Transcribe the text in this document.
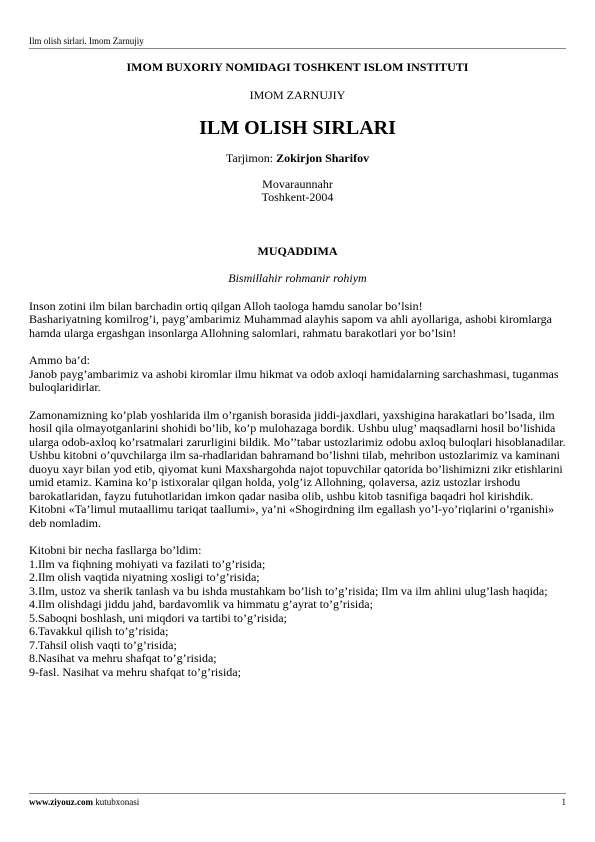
Ilm olish sirlari. Imom Zarnujiy
IMOM BUXORIY NOMIDAGI TOSHKENT ISLOM INSTITUTI
IMOM ZARNUJIY
ILM OLISH SIRLARI
Tarjimon: Zokirjon Sharifov
Movaraunnahr
Toshkent-2004
MUQADDIMA
Bismillahir rohmanir rohiym

Inson zotini ilm bilan barchadin ortiq qilgan Alloh taologa hamdu sanolar bo’lsin!

Bashariyatning komilrog’i, payg’ambarimiz Muhammad alayhis sapom va ahli ayollariga, ashobi kiromlarga hamda ularga ergashgan insonlarga Allohning salomlari, rahmatu barakotlari yor bo’lsin!

Ammo ba’d:

Janob payg’ambarimiz va ashobi kiromlar ilmu hikmat va odob axloqi hamidalarning sarchashmasi, tuganmas buloqlaridirlar.

Zamonamizning ko’plab yoshlarida ilm o’rganish borasida jiddi-jaxdlari, yaxshigina harakatlari bo’lsada, ilm hosil qila olmayotganlarini shohidi bo’lib, ko’p mulohazaga bordik. Ushbu ulug’ maqsadlarni hosil bo’lishida ularga odob-axloq ko’rsatmalari zarurligini bildik. Mo’’tabar ustozlarimiz odobu axloq buloqlari hisoblanadilar. Ushbu kitobni o’quvchilarga ilm sa-rhadlaridan bahramand bo’lishni tilab, mehribon ustozlarimiz va kaminani duoyu xayr bilan yod etib, qiyomat kuni Maxshargohda najot topuvchilar qatorida bo’lishimizni zikr etishlarini umid etamiz. Kamina ko’p istixoralar qilgan holda, yolg’iz Allohning, qolaversa, aziz ustozlar irshodu barokatlaridan, fayzu futuhotlaridan imkon qadar nasiba olib, ushbu kitob tasnifiga baqadri hol kirishdik. Kitobni «Ta’limul mutaallimu tariqat taallumi», ya’ni «Shogirdning ilm egallash yo’l-yo’riqlarini o’rganishi» deb nomladim.

Kitobni bir necha fasllarga bo’ldim:

1.Ilm va fiqhning mohiyati va fazilati to’g’risida;

2.Ilm olish vaqtida niyatning xosligi to’g’risida;

3.Ilm, ustoz va sherik tanlash va bu ishda mustahkam bo’lish to’g’risida; Ilm va ilm ahlini ulug’lash haqida;

4.Ilm olishdagi jiddu jahd, bardavomlik va himmatu g’ayrat to’g’risida;

5.Saboqni boshlash, uni miqdori va tartibi to’g’risida;

6.Tavakkul qilish to’g’risida;

7.Tahsil olish vaqti to’g’risida;

8.Nasihat va mehru shafqat to’g’risida;

9-fasl. Nasihat va mehru shafqat to’g’risida;

www.ziyouz.com kutubxonasi	1
